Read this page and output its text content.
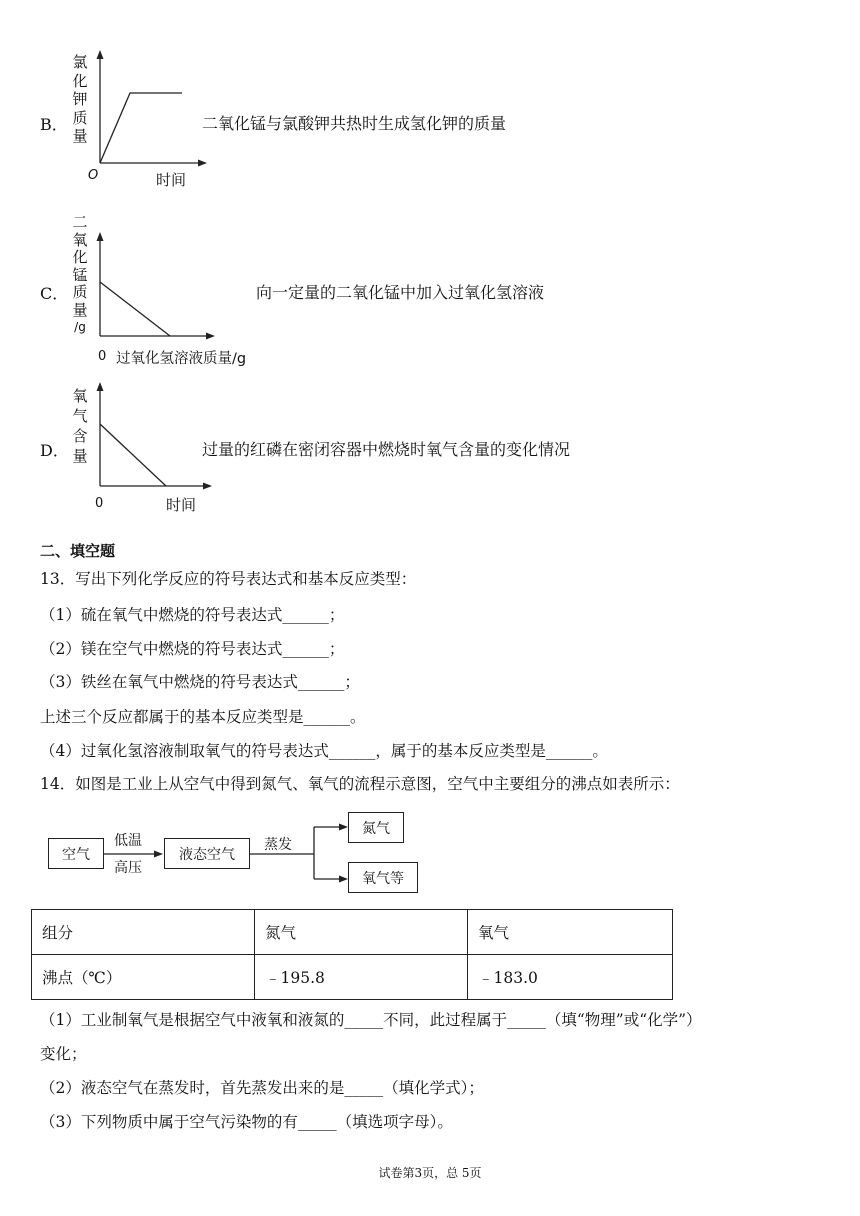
B．
氯
化
钾
质
量
O	时间
二氧化锰与氯酸钾共热时生成氢化钾的质量
C．
二
氧
化
锰
质
量
/g
0 过氧化氢溶液质量/g
向一定量的二氧化锰中加入过氧化氢溶液
D．
氧
气
含
量
0	时间
过量的红磷在密闭容器中燃烧时氧气含量的变化情况
二、填空题
13．写出下列化学反应的符号表达式和基本反应类型：
（1）硫在氧气中燃烧的符号表达式______；
（2）镁在空气中燃烧的符号表达式______；
（3）铁丝在氧气中燃烧的符号表达式______；
上述三个反应都属于的基本反应类型是______。
（4）过氧化氢溶液制取氧气的符号表达式______，属于的基本反应类型是______。
14．如图是工业上从空气中得到氮气、氧气的流程示意图，空气中主要组分的沸点如表所示：
空气
低温
高压
液态空气
蒸发
氮气
氧气等
组分	氮气	氧气
沸点（℃）	﹣195.8	﹣183.0
（1）工业制氧气是根据空气中液氧和液氮的_____不同，此过程属于_____（填“物理”或“化学”）
变化；
（2）液态空气在蒸发时，首先蒸发出来的是_____（填化学式）；
（3）下列物质中属于空气污染物的有_____（填选项字母）。
试卷第3页，总 5页
